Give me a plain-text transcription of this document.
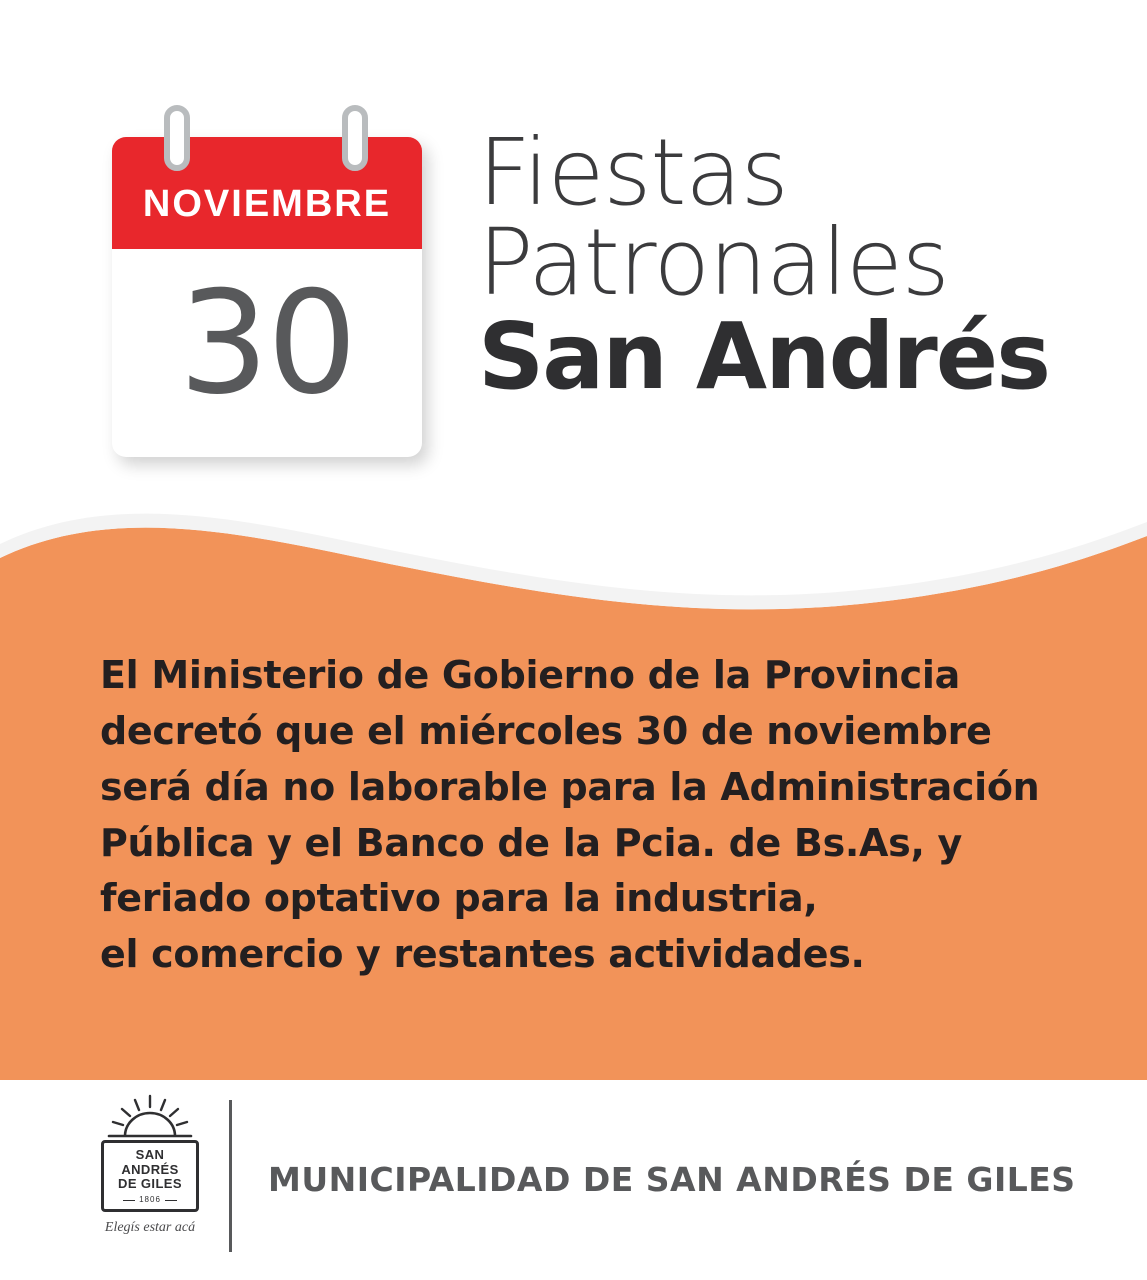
NOVIEMBRE
30
Fiestas
Patronales
San Andrés

El Ministerio de Gobierno de la Provincia

decretó que el miércoles 30 de noviembre

será día no laborable para la Administración

Pública y el Banco de la Pcia. de Bs.As, y

feriado optativo para la industria,

el comercio y restantes actividades.

SAN
ANDRÉS
DE GILES
1806
Elegís estar acá
MUNICIPALIDAD DE SAN ANDRÉS DE GILES
